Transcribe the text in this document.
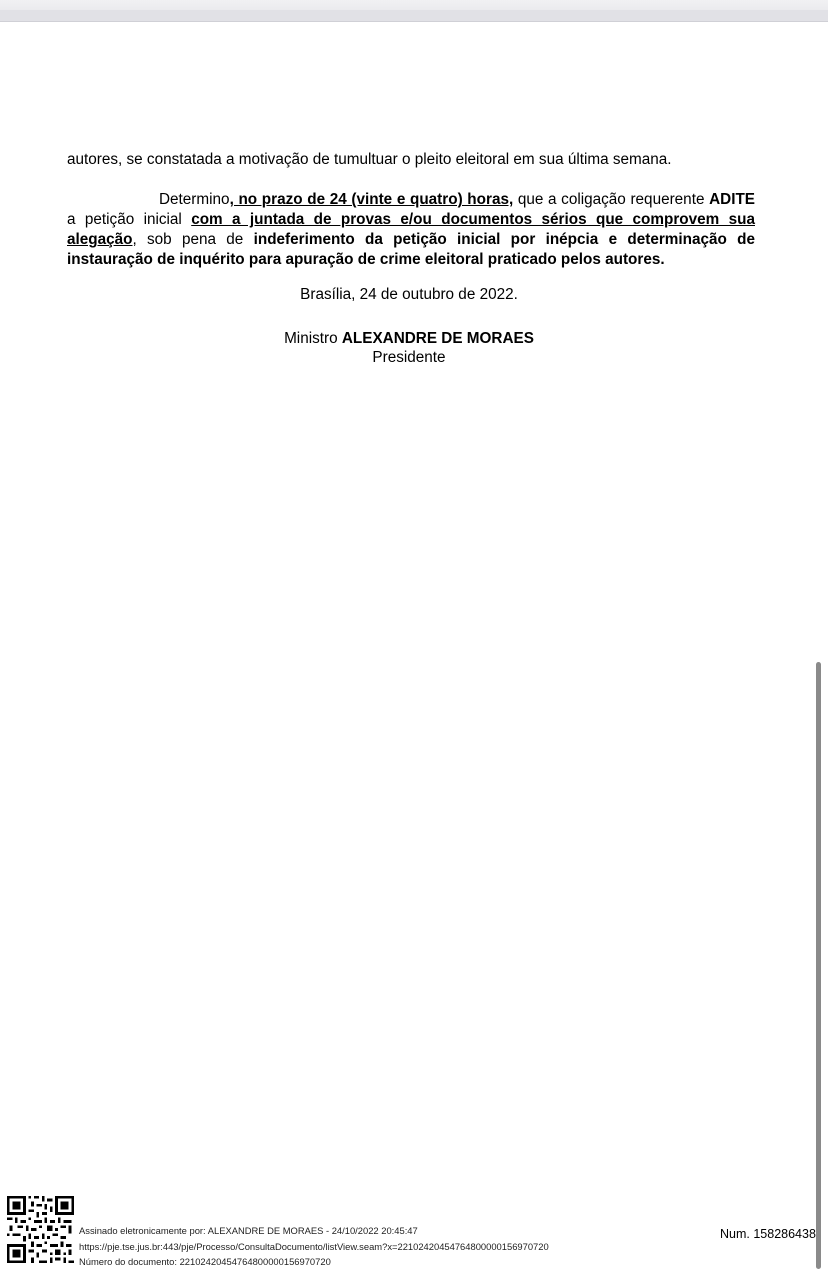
autores, se constatada a motivação de tumultuar o pleito eleitoral em sua última semana.

Determino, no prazo de 24 (vinte e quatro) horas, que a coligação requerente ADITE a petição inicial com a juntada de provas e/ou documentos sérios que comprovem sua alegação, sob pena de indeferimento da petição inicial por inépcia e determinação de instauração de inquérito para apuração de crime eleitoral praticado pelos autores.

Brasília, 24 de outubro de 2022.
Ministro ALEXANDRE DE MORAES
Presidente
Assinado eletronicamente por: ALEXANDRE DE MORAES - 24/10/2022 20:45:47
https://pje.tse.jus.br:443/pje/Processo/ConsultaDocumento/listView.seam?x=22102420454764800000156970720
Número do documento: 22102420454764800000156970720
Num. 158286438
